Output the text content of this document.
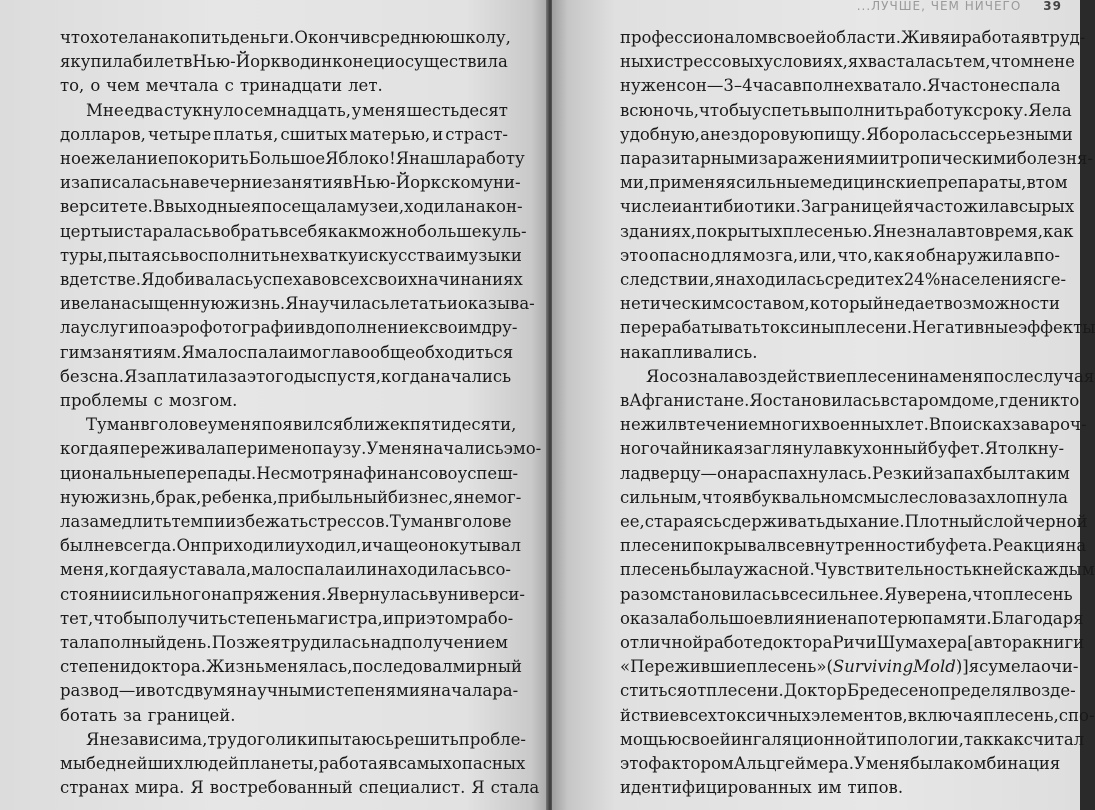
что хотела накопить деньги. Окончив среднюю школу,
я купила билет в Нью-Йорк в один конец и осуществила
то, о чем мечтала с тринадцати лет.
Мне едва стукнуло семнадцать, у меня шестьдесят
долларов, четыре платья, сшитых матерью, и страст-
ное желание покорить Большое Яблоко! Я нашла работу
и записалась на вечерние занятия в Нью-Йоркском уни-
верситете. В выходные я посещала музеи, ходила на кон-
церты и старалась вобрать в себя как можно больше куль-
туры, пытаясь восполнить нехватку искусства и музыки
в детстве. Я добивалась успеха во всех своих начинаниях
и вела насыщенную жизнь. Я научилась летать и оказыва-
ла услуги по аэрофотографии в дополнение к своим дру-
гим занятиям. Я мало спала и могла вообще обходиться
без сна. Я заплатила за это годы спустя, когда начались
проблемы с мозгом.
Туман в голове у меня появился ближе к пятидесяти,
когда я переживала перименопаузу. У меня начались эмо-
циональные перепады. Несмотря на финансово успеш-
ную жизнь, брак, ребенка, прибыльный бизнес, я не мог-
ла замедлить темп и избежать стрессов. Туман в голове
был не всегда. Он приходил и уходил, и чаще он окутывал
меня, когда я уставала, мало спала или находилась в со-
стоянии сильного напряжения. Я вернулась в универси-
тет, чтобы получить степень магистра, и при этом рабо-
тала полный день. Позже я трудилась над получением
степени доктора. Жизнь менялась, последовал мирный
развод — и вот с двумя научными степенями я начала ра-
ботать за границей.
Я независима, трудоголик и пытаюсь решить пробле-
мы беднейших людей планеты, работая в самых опасных
странах мира. Я востребованный специалист. Я стала
...ЛУЧШЕ, ЧЕМ НИЧЕГО 39
профессионалом в своей области. Живя и работая в труд-
ных и стрессовых условиях, я хвасталась тем, что мне не
нужен сон — 3–4 часа вполне хватало. Я часто не спала
всю ночь, чтобы успеть выполнить работу к сроку. Я ела
удобную, а не здоровую пищу. Я боролась с серьезными
паразитарными заражениями и тропическими болезня-
ми, применяя сильные медицинские препараты, в том
числе и антибиотики. За границей я часто жила в сырых
зданиях, покрытых плесенью. Я не знала в то время, как
это опасно для мозга, или, что, как я обнаружила впо-
следствии, я находилась среди тех 24 % населения с ге-
нетическим составом, который не дает возможности
перерабатывать токсины плесени. Негативные эффекты
накапливались.
Я осознала воздействие плесени на меня после случая
в Афганистане. Я остановилась в старом доме, где никто
не жил в течение многих военных лет. В поисках завароч-
ного чайника я заглянула в кухонный буфет. Я толкну-
ла дверцу — она распахнулась. Резкий запах был таким
сильным, что я в буквальном смысле слова захлопнула
ее, стараясь сдерживать дыхание. Плотный слой черной
плесени покрывал все внутренности буфета. Реакция на
плесень была ужасной. Чувствительность к ней с каждым
разом становилась все сильнее. Я уверена, что плесень
оказала большое влияние на потерю памяти. Благодаря
отличной работе доктора Ричи Шумахера [автора книги
«Пережившие плесень» (Surviving Mold)] я сумела очи-
ститься от плесени. Доктор Бредесен определял возде-
йствие всех токсичных элементов, включая плесень, с по-
мощью своей ингаляционной типологии, так как считал
это фактором Альцгеймера. У меня была комбинация
идентифицированных им типов.
